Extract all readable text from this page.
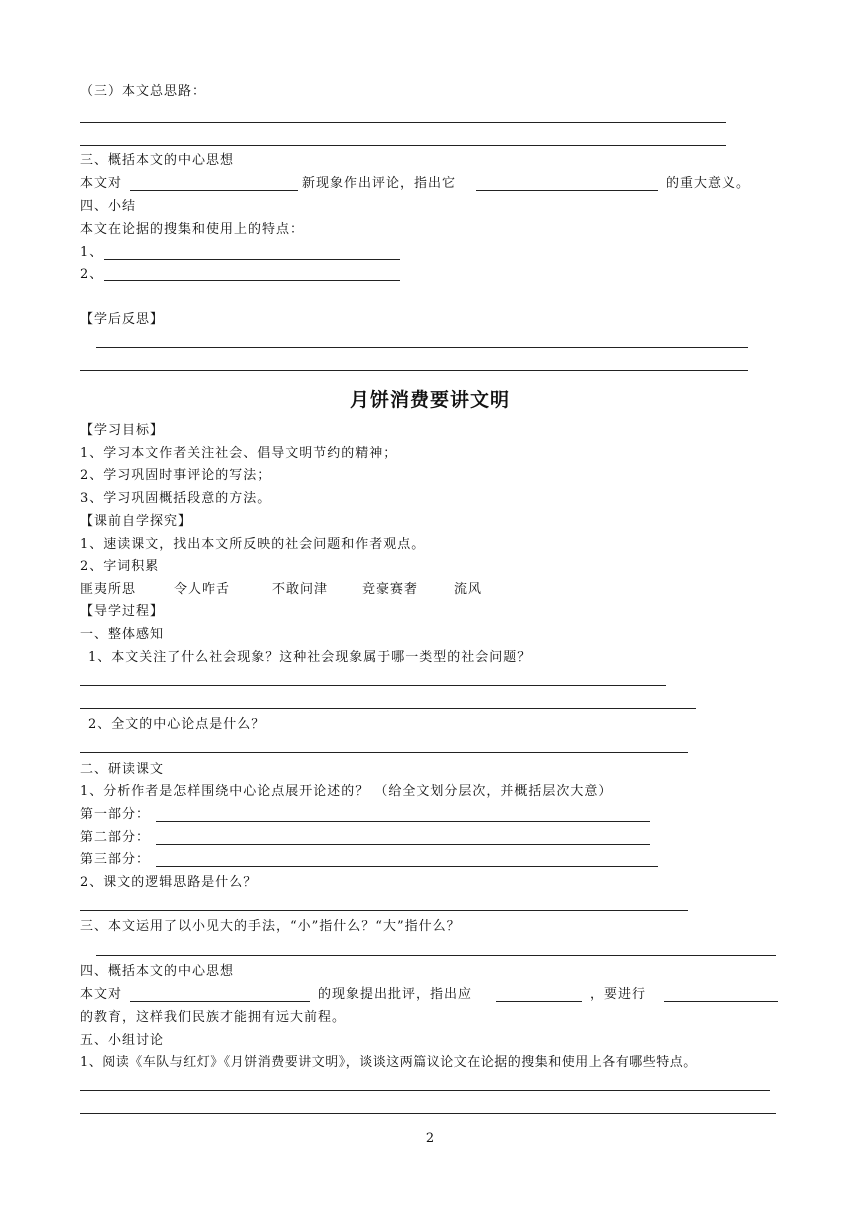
（三）本文总思路：
三、概括本文的中心思想
本文对	新现象作出评论，指出它	的重大意义。
四、小结
本文在论据的搜集和使用上的特点：
1、
2、
【学后反思】
月饼消费要讲文明
【学习目标】
1、学习本文作者关注社会、倡导文明节约的精神；
2、学习巩固时事评论的写法；
3、学习巩固概括段意的方法。
【课前自学探究】
1、速读课文，找出本文所反映的社会问题和作者观点。
2、字词积累
匪夷所思	令人咋舌	不敢问津	竞豪赛奢	流风
【导学过程】
一、整体感知
1、本文关注了什么社会现象？这种社会现象属于哪一类型的社会问题？
2、全文的中心论点是什么？
二、研读课文
1、分析作者是怎样围绕中心论点展开论述的？ （给全文划分层次，并概括层次大意）
第一部分：
第二部分：
第三部分：
2、课文的逻辑思路是什么？
三、本文运用了以小见大的手法，“小”指什么？“大”指什么？
四、概括本文的中心思想
本文对	的现象提出批评，指出应	，要进行
的教育，这样我们民族才能拥有远大前程。
五、小组讨论
1、阅读《车队与红灯》《月饼消费要讲文明》，谈谈这两篇议论文在论据的搜集和使用上各有哪些特点。
2
